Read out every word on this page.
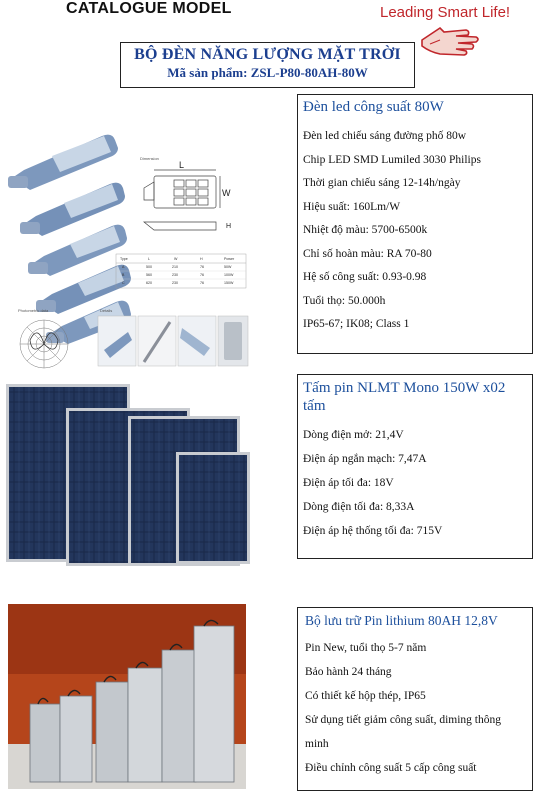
CATALOGUE MODEL	Leading Smart Life!
BỘ ĐÈN NĂNG LƯỢNG MẶT TRỜI
Mã sản phẩm: ZSL-P80-80AH-80W
Dimension
L
W
H
Type	L	W	H	Power
A	500	210	76	50W
B	560	230	76	100W
C	620	230	76	150W
Photometric data	Details
Đèn led công suất 80W
Đèn led chiếu sáng đường phố 80w
Chip LED SMD Lumiled 3030 Philips
Thời gian chiếu sáng 12-14h/ngày
Hiệu suất: 160Lm/W
Nhiệt độ màu: 5700-6500k
Chỉ số hoàn màu: RA 70-80
Hệ số công suất: 0.93-0.98
Tuổi thọ: 50.000h
IP65-67; IK08; Class 1
Tấm pin NLMT Mono 150W x02 tấm
Dòng điện mở: 21,4V
Điện áp ngắn mạch: 7,47A
Điện áp tối đa: 18V
Dòng điện tối đa: 8,33A
Điện áp hệ thống tối đa: 715V
Bộ lưu trữ Pin lithium 80AH 12,8V
Pin New, tuổi thọ 5-7 năm
Bảo hành 24 tháng
Có thiết kế hộp thép, IP65
Sử dụng tiết giảm công suất, diming thông minh
Điều chỉnh công suất 5 cấp công suất
